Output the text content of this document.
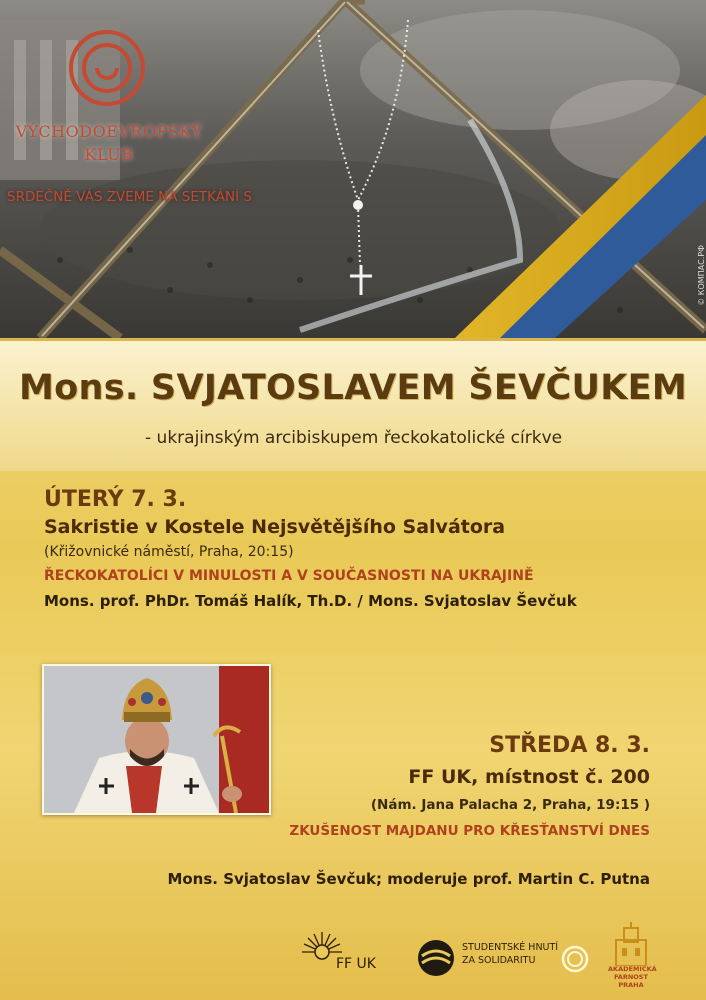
VÝCHODOEVROPSKÝ
KLUB
SRDEČNĚ VÁS ZVEME NA SETKÁNÍ S
© КОМПАС.РФ
Mons. SVJATOSLAVEM ŠEVČUKEM
- ukrajinským arcibiskupem řeckokatolické církve
ÚTERÝ 7. 3.
Sakristie v Kostele Nejsvětějšího Salvátora
(Křižovnické náměstí, Praha, 20:15)
ŘECKOKATOLÍCI V MINULOSTI A V SOUČASNOSTI NA UKRAJINĚ
Mons. prof. PhDr. Tomáš Halík, Th.D. / Mons. Svjatoslav Ševčuk
STŘEDA 8. 3.
FF UK, místnost č. 200
(Nám. Jana Palacha 2, Praha, 19:15 )
ZKUŠENOST MAJDANU PRO KŘESŤANSTVÍ DNES
Mons. Svjatoslav Ševčuk; moderuje prof. Martin C. Putna
FF UK
STUDENTSKÉ HNUTÍ
ZA SOLIDARITU
AKADEMICKÁ
FARNOST
PRAHA
